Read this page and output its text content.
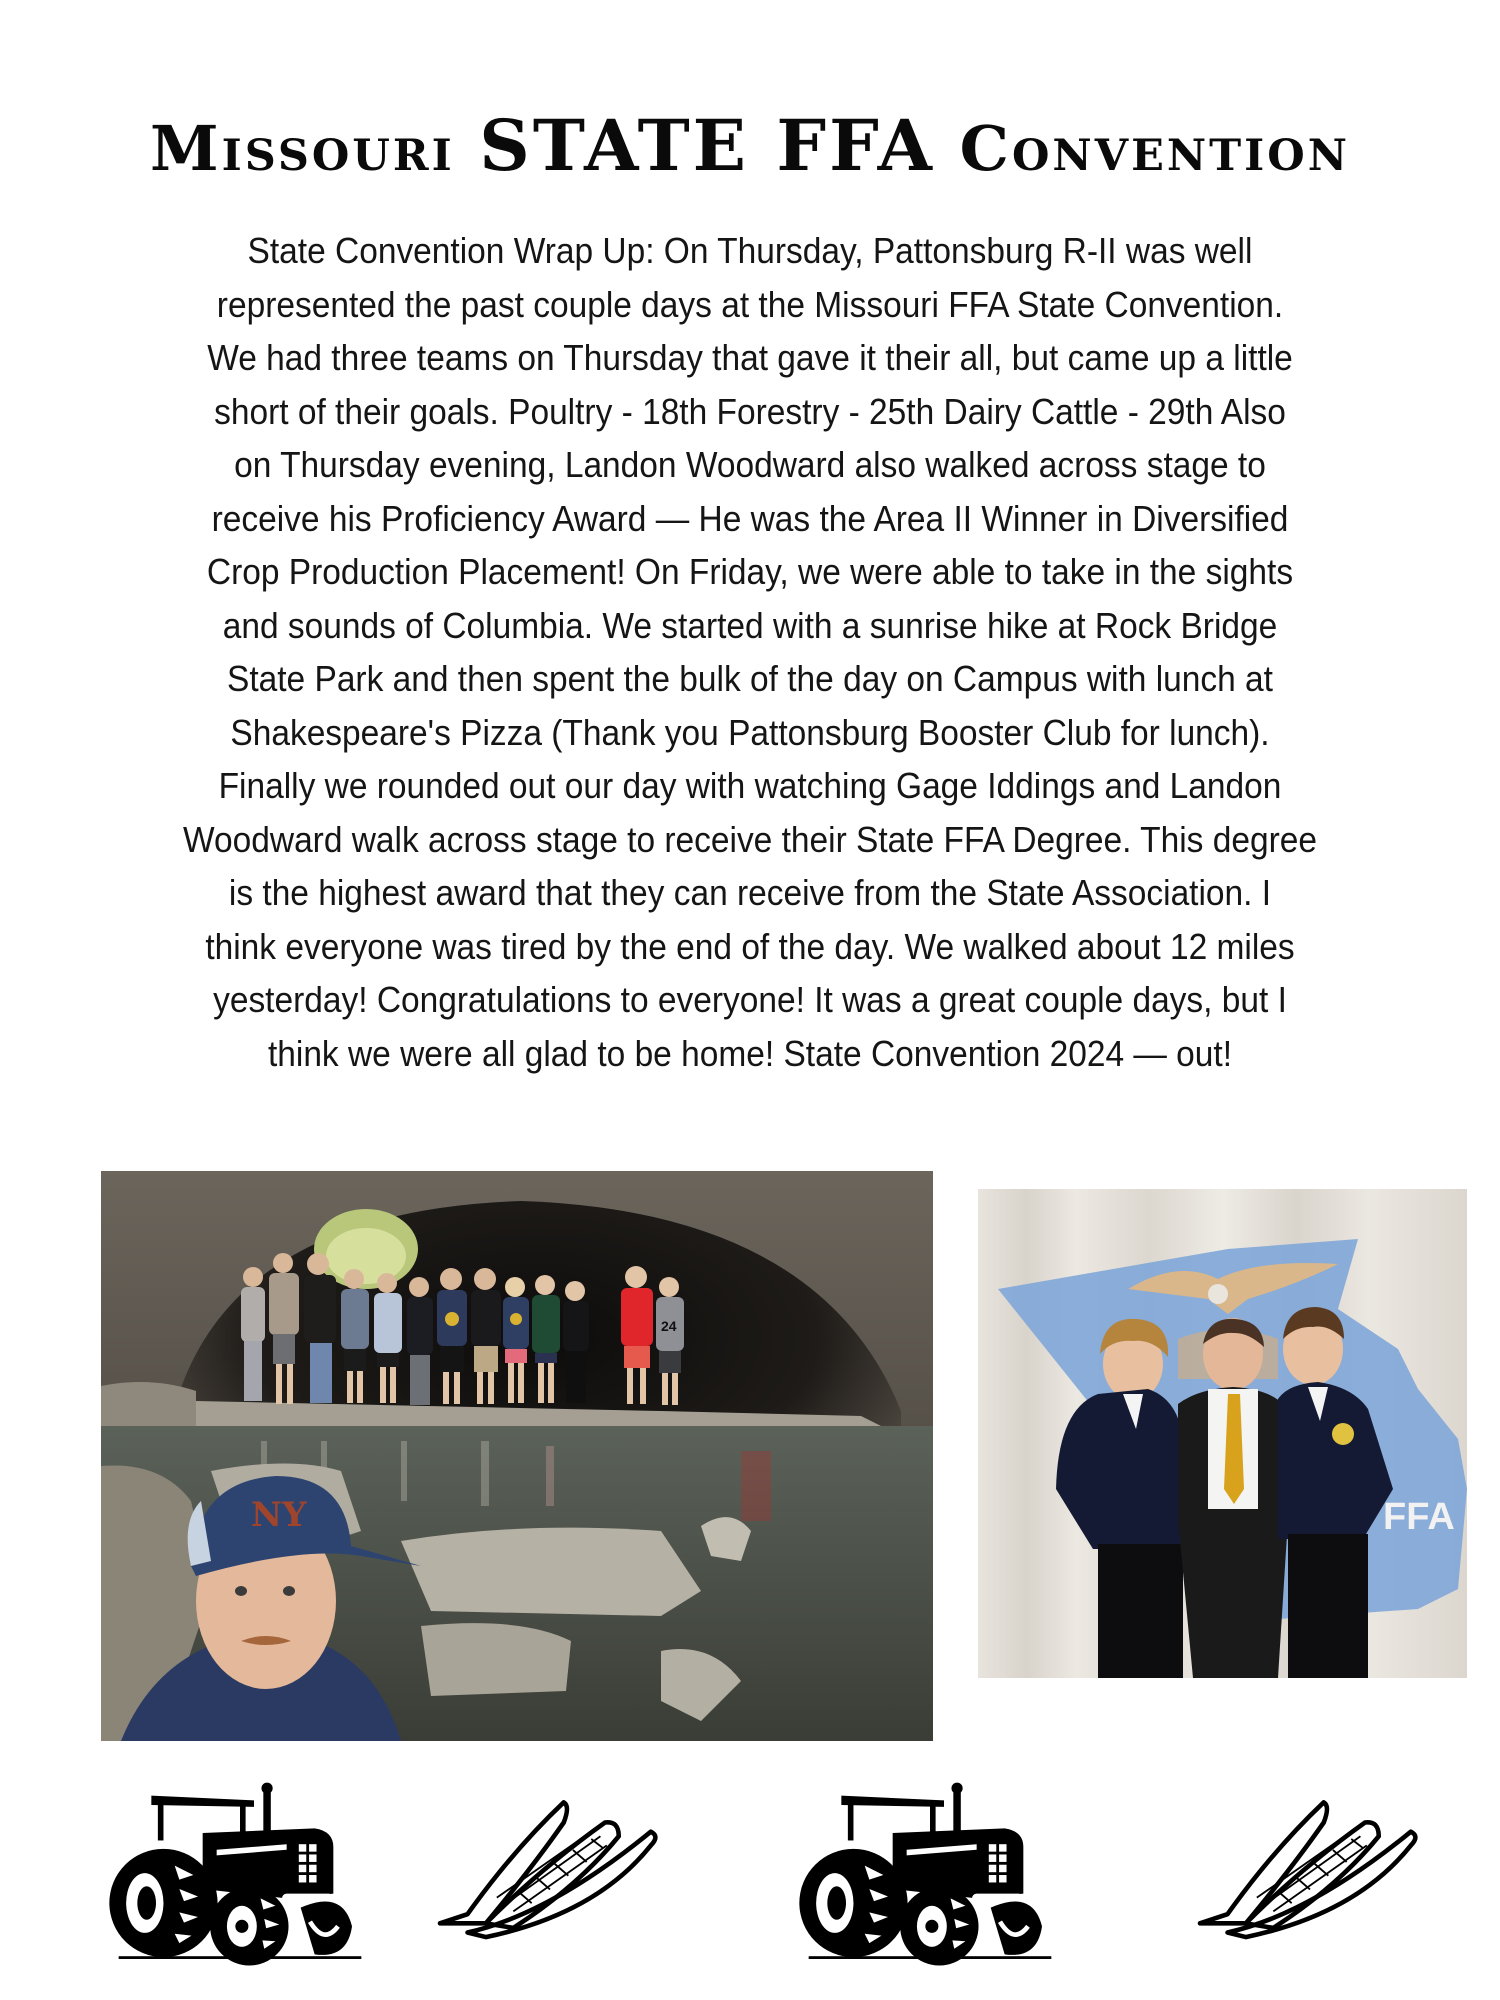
Missouri STATE FFA Convention
State Convention Wrap Up: On Thursday, Pattonsburg R-II was well
represented the past couple days at the Missouri FFA State Convention.
We had three teams on Thursday that gave it their all, but came up a little
short of their goals. Poultry - 18th Forestry - 25th Dairy Cattle - 29th Also
on Thursday evening, Landon Woodward also walked across stage to
receive his Proficiency Award — He was the Area II Winner in Diversified
Crop Production Placement! On Friday, we were able to take in the sights
and sounds of Columbia. We started with a sunrise hike at Rock Bridge
State Park and then spent the bulk of the day on Campus with lunch at
Shakespeare's Pizza (Thank you Pattonsburg Booster Club for lunch).
Finally we rounded out our day with watching Gage Iddings and Landon
Woodward walk across stage to receive their State FFA Degree. This degree
is the highest award that they can receive from the State Association. I
think everyone was tired by the end of the day. We walked about 12 miles
yesterday! Congratulations to everyone! It was a great couple days, but I
think we were all glad to be home! State Convention 2024 — out!
24
NY	FFA
